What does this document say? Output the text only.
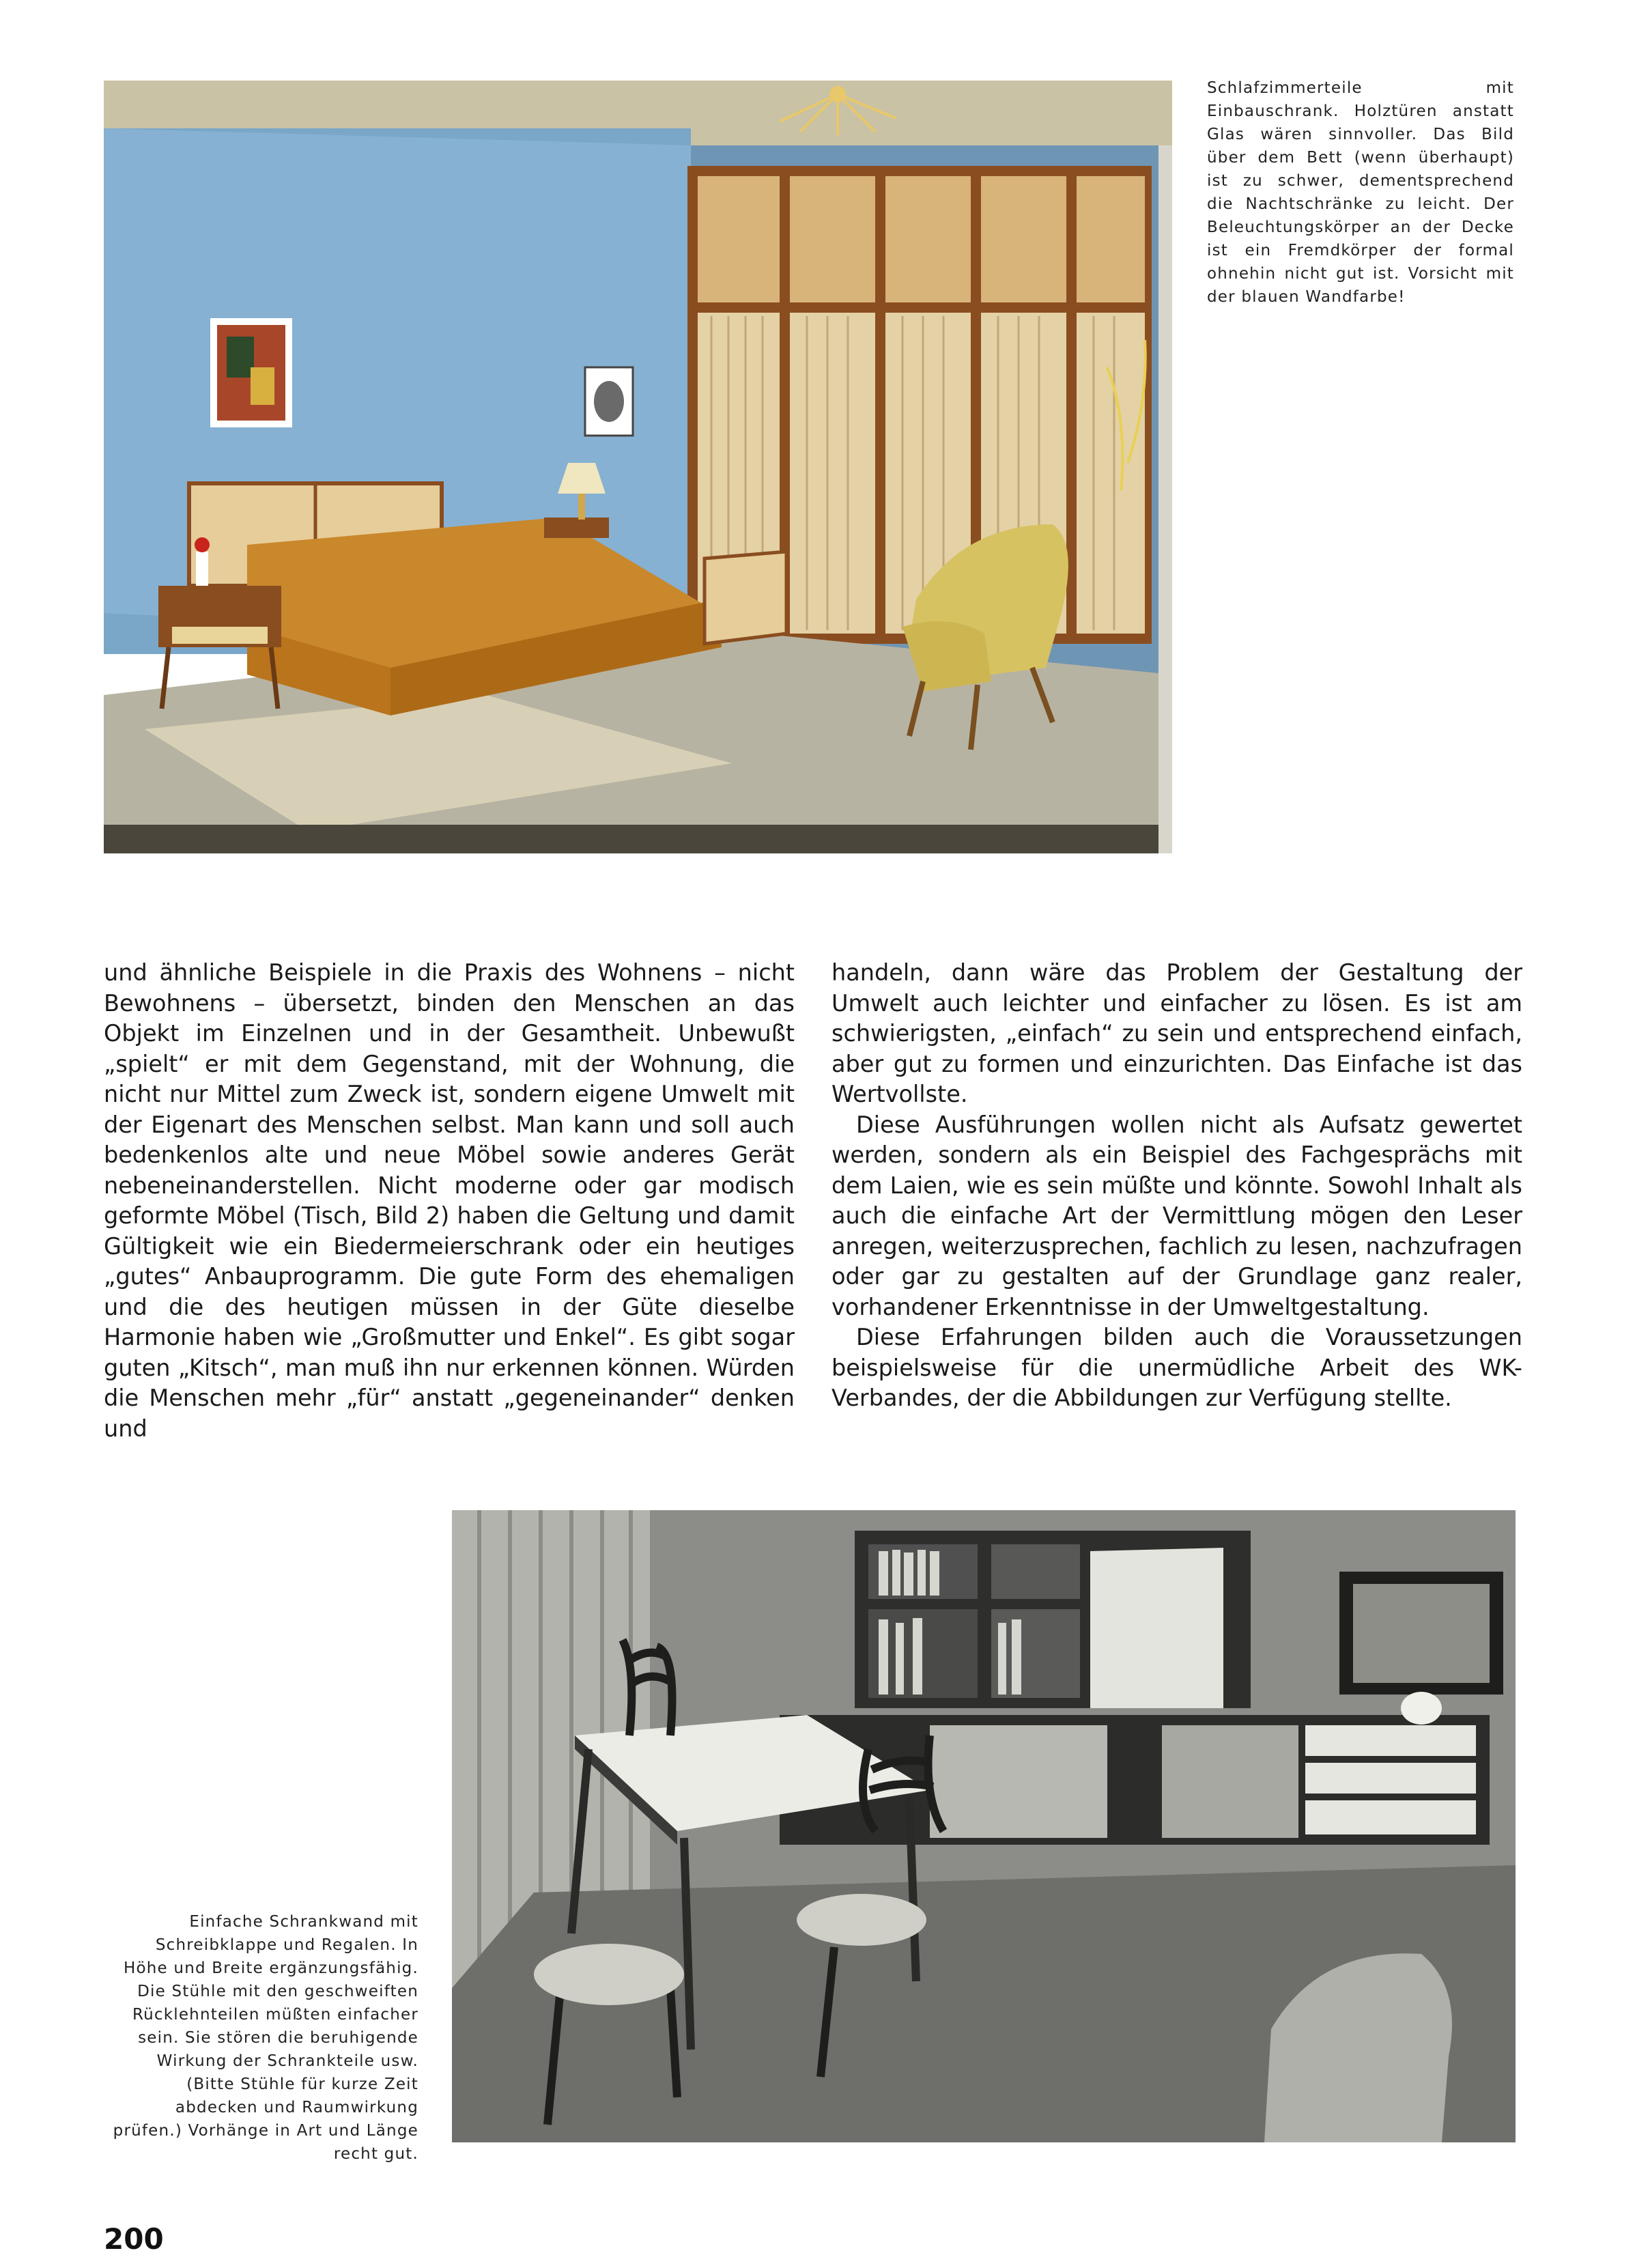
Schlafzimmerteile mit Einbauschrank. Holztüren anstatt Glas wären sinnvoller. Das Bild über dem Bett (wenn überhaupt) ist zu schwer, dementsprechend die Nachtschränke zu leicht. Der Beleuchtungskörper an der Decke ist ein Fremdkörper der formal ohnehin nicht gut ist. Vorsicht mit der blauen Wandfarbe!

und ähnliche Beispiele in die Praxis des Wohnens – nicht Bewohnens – übersetzt, binden den Menschen an das Objekt im Einzelnen und in der Gesamtheit. Unbewußt „spielt“ er mit dem Gegenstand, mit der Wohnung, die nicht nur Mittel zum Zweck ist, sondern eigene Umwelt mit der Eigenart des Menschen selbst. Man kann und soll auch bedenkenlos alte und neue Möbel sowie anderes Gerät nebeneinanderstellen. Nicht moderne oder gar modisch geformte Möbel (Tisch, Bild 2) haben die Geltung und damit Gültigkeit wie ein Biedermeierschrank oder ein heutiges „gutes“ Anbauprogramm. Die gute Form des ehemaligen und die des heutigen müssen in der Güte dieselbe Harmonie haben wie „Großmutter und Enkel“. Es gibt sogar guten „Kitsch“, man muß ihn nur erkennen können. Würden die Menschen mehr „für“ anstatt „gegeneinander“ denken und

handeln, dann wäre das Problem der Gestaltung der Umwelt auch leichter und einfacher zu lösen. Es ist am schwierigsten, „einfach“ zu sein und entsprechend einfach, aber gut zu formen und einzurichten. Das Einfache ist das Wertvollste.

Diese Ausführungen wollen nicht als Aufsatz gewertet werden, sondern als ein Beispiel des Fachgesprächs mit dem Laien, wie es sein müßte und könnte. Sowohl Inhalt als auch die einfache Art der Vermittlung mögen den Leser anregen, weiterzusprechen, fachlich zu lesen, nachzufragen oder gar zu gestalten auf der Grundlage ganz realer, vorhandener Erkenntnisse in der Umweltgestaltung.

Diese Erfahrungen bilden auch die Voraussetzungen beispielsweise für die unermüdliche Arbeit des WK-Verbandes, der die Abbildungen zur Verfügung stellte.

Einfache Schrankwand mit Schreibklappe und Regalen. In Höhe und Breite ergänzungsfähig. Die Stühle mit den geschweiften Rücklehnteilen müßten einfacher sein. Sie stören die beruhigende Wirkung der Schrankteile usw. (Bitte Stühle für kurze Zeit abdecken und Raumwirkung prüfen.) Vorhänge in Art und Länge recht gut.

200
